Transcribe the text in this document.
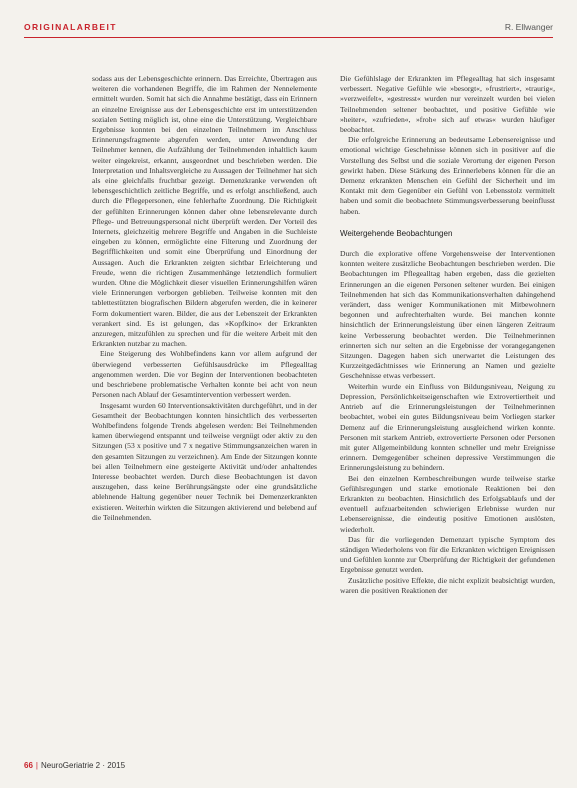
ORIGINALARBEIT	R. Ellwanger

sodass aus der Lebensgeschichte erinnern. Das Erreichte, Übertragen aus weiteren die vorhandenen Begriffe, die im Rahmen der Nennelemente ermittelt wurden. Somit hat sich die Annahme bestätigt, dass ein Erinnern an einzelne Ereignisse aus der Lebensgeschichte erst im unterstützenden sozialen Setting möglich ist, ohne eine die Unterstützung. Vergleichbare Ergebnisse konnten bei den einzelnen Teilnehmern im Anschluss Erinnerungsfragmente abgerufen werden, unter Anwendung der Teilnehmer kennen, die Aufzählung der Teilnehmenden inhaltlich kaum weiter eingekreist, erkannt, ausgeordnet und beschrieben werden. Die Interpretation und Inhaltsvergleiche zu Aussagen der Teilnehmer hat sich als eine gleichfalls fruchtbar gezeigt. Demenzkranke verwenden oft lebensgeschichtlich zeitliche Begriffe, und es erfolgt anschließend, auch durch die Pflegepersonen, eine fehlerhafte Zuordnung. Die Richtigkeit der gefühlten Erinnerungen können daher ohne lebensrelevante durch Pflege- und Betreuungspersonal nicht überprüft werden. Der Vorteil des Internets, gleichzeitig mehrere Begriffe und Angaben in die Suchleiste eingeben zu können, ermöglichte eine Filterung und Zuordnung der Begrifflichkeiten und somit eine Überprüfung und Einordnung der Aussagen. Auch die Erkrankten zeigten sichtbar Erleichterung und Freude, wenn die richtigen Zusammenhänge letztendlich formuliert wurden. Ohne die Möglichkeit dieser visuellen Erinnerungshilfen wären viele Erinnerungen verborgen geblieben. Teilweise konnten mit den tablettestützten biografischen Bildern abgerufen werden, die in keinerer Form dokumentiert waren. Bilder, die aus der Lebenszeit der Erkrankten verankert sind. Es ist gelungen, das »Kopfkino« der Erkrankten anzuregen, mitzufühlen zu sprechen und für die weitere Arbeit mit den Erkrankten nutzbar zu machen.

Eine Steigerung des Wohlbefindens kann vor allem aufgrund der überwiegend verbesserten Gefühlsausdrücke im Pflegealltag angenommen werden. Die vor Beginn der Interventionen beobachteten und beschriebene problematische Verhalten konnte bei acht von neun Personen nach Ablauf der Gesamtintervention verbessert werden.

Insgesamt wurden 60 Interventionsaktivitäten durchgeführt, und in der Gesamtheit der Beobachtungen konnten hinsichtlich des verbesserten Wohlbefindens folgende Trends abgelesen werden: Bei Teilnehmenden kamen überwiegend entspannt und teilweise vergnügt oder aktiv zu den Sitzungen (53 x positive und 7 x negative Stimmungsanzeichen waren in den gesamten Sitzungen zu verzeichnen). Am Ende der Sitzungen konnte bei allen Teilnehmern eine gesteigerte Aktivität und/oder anhaltendes Interesse beobachtet werden. Durch diese Beobachtungen ist davon auszugehen, dass keine Berührungsängste oder eine grundsätzliche ablehnende Haltung gegenüber neuer Technik bei Demenzerkrankten existieren. Weiterhin wirkten die Sitzungen aktivierend und belebend auf die Teilnehmenden.

Die Gefühlslage der Erkrankten im Pflegealltag hat sich insgesamt verbessert. Negative Gefühle wie »besorgt«, »frustriert«, »traurig«, »verzweifelt«, »gestresst« wurden nur vereinzelt wurden bei vielen Teilnehmenden seltener beobachtet, und positive Gefühle wie »heiter«, »zufrieden«, »froh« sich auf etwas« wurden häufiger beobachtet.

Die erfolgreiche Erinnerung an bedeutsame Lebensereignisse und emotional wichtige Geschehnisse können sich in positiver auf die Vorstellung des Selbst und die soziale Verortung der eigenen Person gewirkt haben. Diese Stärkung des Erinnerlebens können für die an Demenz erkrankten Menschen ein Gefühl der Sicherheit und im Kontakt mit dem Gegenüber ein Gefühl von Lebensstolz vermittelt haben und somit die beobachtete Stimmungsverbesserung beeinflusst haben.

Weitergehende Beobachtungen

Durch die explorative offene Vorgehensweise der Interventionen konnten weitere zusätzliche Beobachtungen beschrieben werden. Die Beobachtungen im Pflegealltag haben ergeben, dass die gezielten Erinnerungen an die eigenen Personen seltener wurden. Bei einigen Teilnehmenden hat sich das Kommunikationsverhalten dahingehend verändert, dass weniger Kommunikationen mit Mitbewohnern begonnen und aufrechterhalten wurde. Bei manchen konnte hinsichtlich der Erinnerungsleistung über einen längeren Zeitraum keine Verbesserung beobachtet werden. Die Teilnehmerinnen erinnerten sich nur selten an die Ergebnisse der vorangegangenen Sitzungen. Dagegen haben sich unerwartet die Leistungen des Kurzzeitgedächtnisses wie Erinnerung an Namen und gezielte Geschehnisse etwas verbessert.

Weiterhin wurde ein Einfluss von Bildungsniveau, Neigung zu Depression, Persönlichkeitseigenschaften wie Extrovertiertheit und Antrieb auf die Erinnerungsleistungen der Teilnehmerinnen beobachtet, wobei ein gutes Bildungsniveau beim Vorliegen starker Demenz auf die Erinnerungsleistung ausgleichend wirken konnte. Personen mit starkem Antrieb, extrovertierte Personen oder Personen mit guter Allgemeinbildung konnten schneller und mehr Ereignisse erinnern. Demgegenüber scheinen depressive Verstimmungen die Erinnerungsleistung zu behindern.

Bei den einzelnen Kernbeschreibungen wurde teilweise starke Gefühlsregungen und starke emotionale Reaktionen bei den Erkrankten zu beobachten. Hinsichtlich des Erfolgsablaufs und der eventuell aufzuarbeitenden schwierigen Erlebnisse wurden nur Lebensereignisse, die eindeutig positive Emotionen auslösten, wiederholt.

Das für die vorliegenden Demenzart typische Symptom des ständigen Wiederholens von für die Erkrankten wichtigen Ereignissen und Gefühlen konnte zur Überprüfung der Richtigkeit der gefundenen Ergebnisse genutzt werden.

Zusätzliche positive Effekte, die nicht explizit beabsichtigt wurden, waren die positiven Reaktionen der

66 | NeuroGeriatrie 2 · 2015
